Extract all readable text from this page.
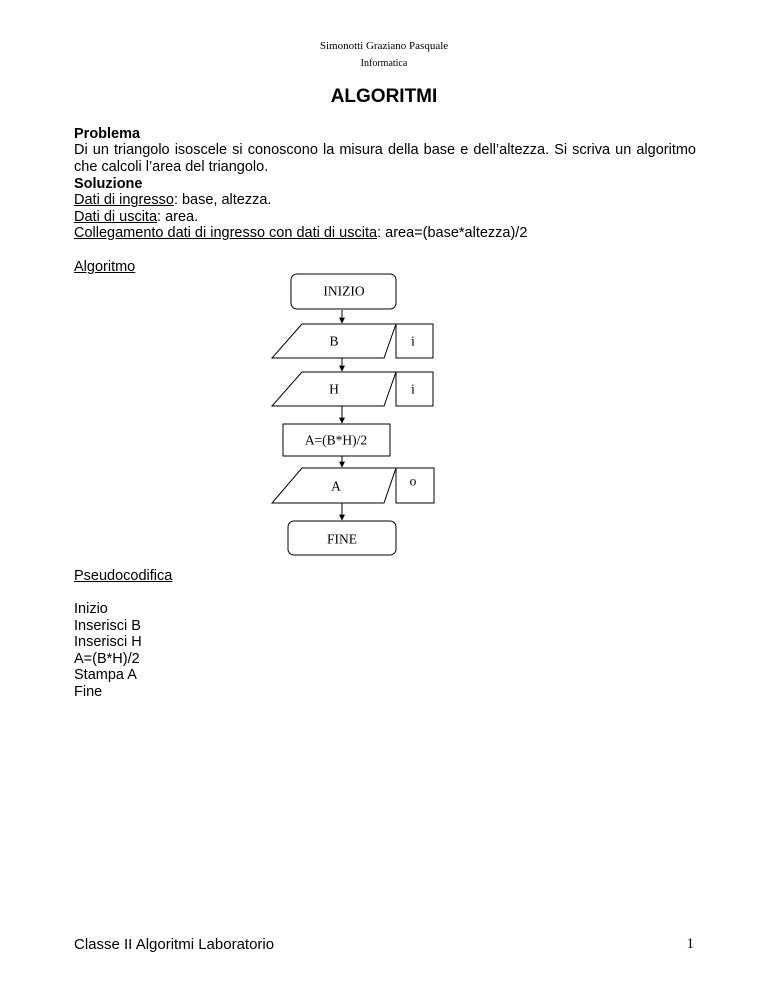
Simonotti Graziano Pasquale
Informatica
ALGORITMI
Problema
Di un triangolo isoscele si conoscono la misura della base e dell’altezza. Si scriva un algoritmo che calcoli l’area del triangolo.
Soluzione
Dati di ingresso: base, altezza.
Dati di uscita: area.
Collegamento dati di ingresso con dati di uscita: area=(base*altezza)/2
Algoritmo
INIZIO
B	i
H	i
A=(B*H)/2
A	o
FINE
Pseudocodifica
Inizio
Inserisci B
Inserisci H
A=(B*H)/2
Stampa A
Fine
Classe II Algoritmi Laboratorio	1
